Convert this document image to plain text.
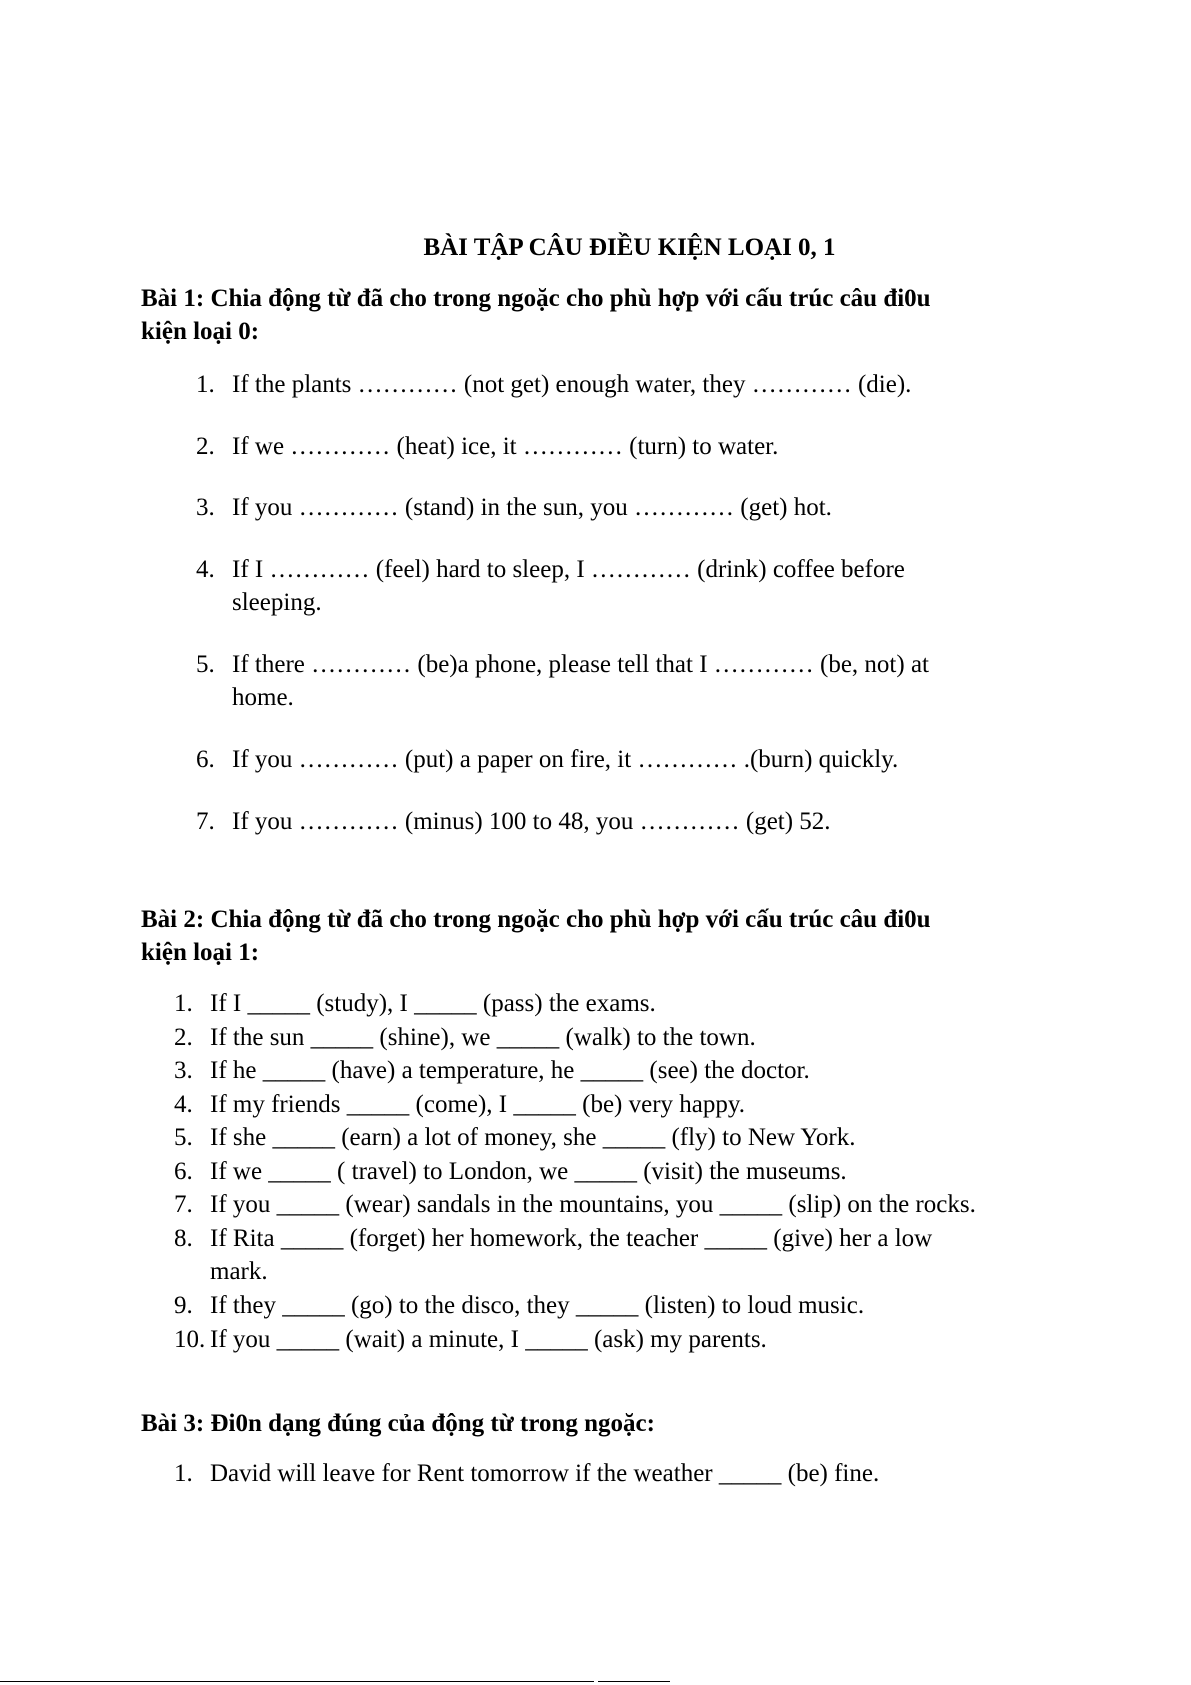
BÀI TẬP CÂU ĐIỀU KIỆN LOẠI 0, 1
Bài 1: Chia động từ đã cho trong ngoặc cho phù hợp với cấu trúc câu đi0u
kiện loại 0:
1. If the plants ………… (not get) enough water, they ………… (die).
2. If we ………… (heat) ice, it ………… (turn) to water.
3. If you ………… (stand) in the sun, you ………… (get) hot.
4. If I ………… (feel) hard to sleep, I ………… (drink) coffee before
sleeping.
5. If there ………… (be)a phone, please tell that I ………… (be, not) at
home.
6. If you ………… (put) a paper on fire, it ………… .(burn) quickly.
7. If you ………… (minus) 100 to 48, you ………… (get) 52.
Bài 2: Chia động từ đã cho trong ngoặc cho phù hợp với cấu trúc câu đi0u
kiện loại 1:
1. If I _____ (study), I _____ (pass) the exams.
2. If the sun _____ (shine), we _____ (walk) to the town.
3. If he _____ (have) a temperature, he _____ (see) the doctor.
4. If my friends _____ (come), I _____ (be) very happy.
5. If she _____ (earn) a lot of money, she _____ (fly) to New York.
6. If we _____ ( travel) to London, we _____ (visit) the museums.
7. If you _____ (wear) sandals in the mountains, you _____ (slip) on the rocks.
8. If Rita _____ (forget) her homework, the teacher _____ (give) her a low
mark.
9. If they _____ (go) to the disco, they _____ (listen) to loud music.
10. If you _____ (wait) a minute, I _____ (ask) my parents.
Bài 3: Đi0n dạng đúng của động từ trong ngoặc:
1. David will leave for Rent tomorrow if the weather _____ (be) fine.
